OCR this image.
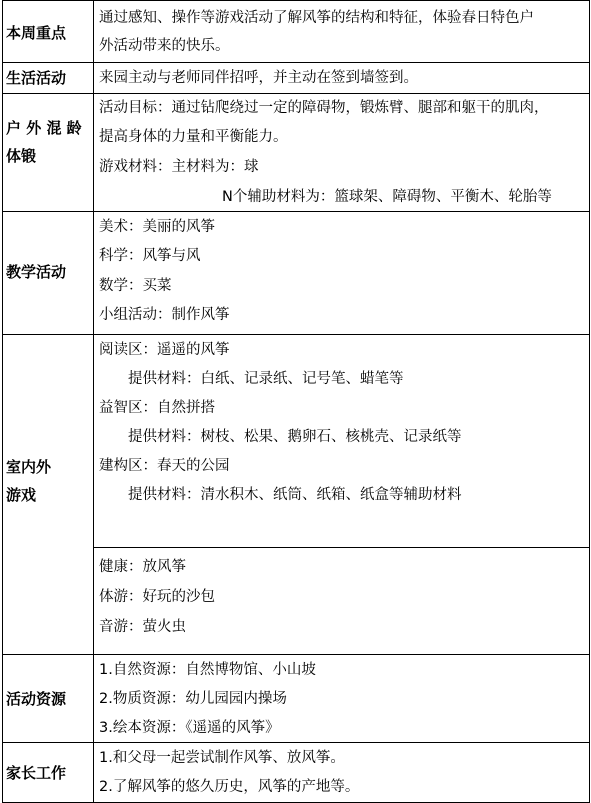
本周重点
通过感知、操作等游戏活动了解风筝的结构和特征，体验春日特色户
外活动带来的快乐。
生活活动 来园主动与老师同伴招呼，并主动在签到墙签到。
户 外 混 龄
体锻
活动目标：通过钻爬绕过一定的障碍物，锻炼臂、腿部和躯干的肌肉，
提高身体的力量和平衡能力。
游戏材料：主材料为：球
N个辅助材料为：篮球架、障碍物、平衡木、轮胎等
教学活动
美术：美丽的风筝
科学：风筝与风
数学：买菜
小组活动：制作风筝
室内外
游戏
阅读区：遥遥的风筝
提供材料：白纸、记录纸、记号笔、蜡笔等
益智区：自然拼搭
提供材料：树枝、松果、鹅卵石、核桃壳、记录纸等
建构区：春天的公园
提供材料：清水积木、纸筒、纸箱、纸盒等辅助材料
健康：放风筝
体游：好玩的沙包
音游：萤火虫
活动资源
1.自然资源：自然博物馆、小山坡
2.物质资源：幼儿园园内操场
3.绘本资源：《遥遥的风筝》
家长工作
1.和父母一起尝试制作风筝、放风筝。
2.了解风筝的悠久历史，风筝的产地等。
